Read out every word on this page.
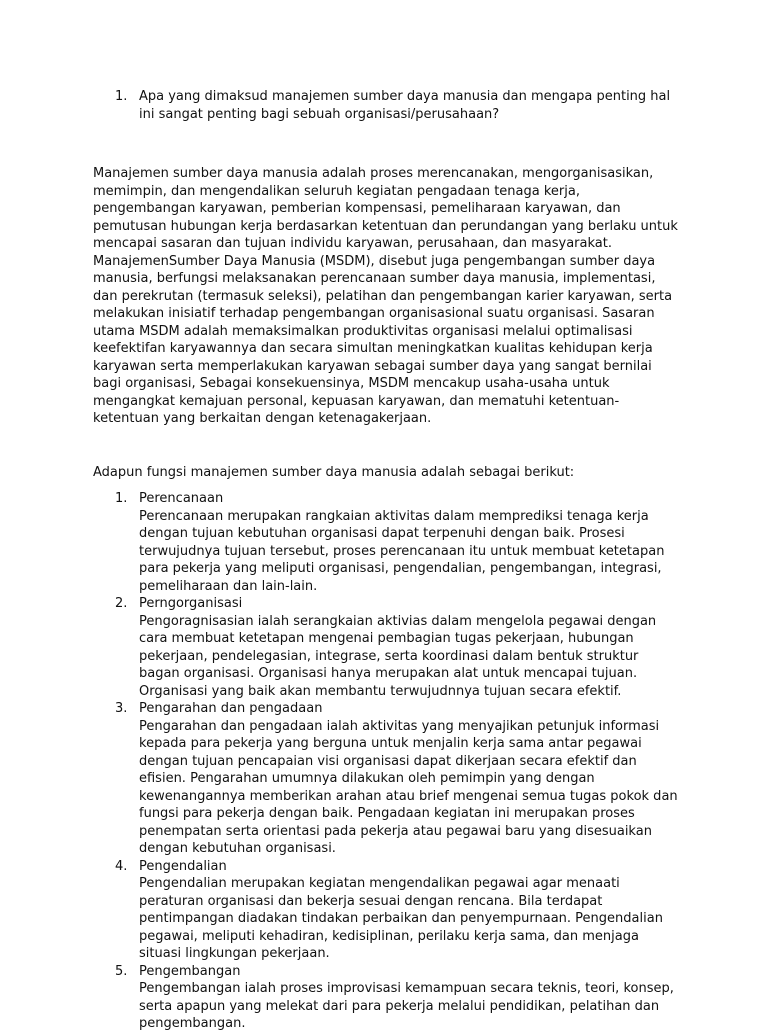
1. Apa yang dimaksud manajemen sumber daya manusia dan mengapa penting hal ini sangat penting bagi sebuah organisasi/perusahaan?

Manajemen sumber daya manusia adalah proses merencanakan, mengorganisasikan, memimpin, dan mengendalikan seluruh kegiatan pengadaan tenaga kerja, pengembangan karyawan, pemberian kompensasi, pemeliharaan karyawan, dan pemutusan hubungan kerja berdasarkan ketentuan dan perundangan yang berlaku untuk mencapai sasaran dan tujuan individu karyawan, perusahaan, dan masyarakat. ManajemenSumber Daya Manusia (MSDM), disebut juga pengembangan sumber daya manusia, berfungsi melaksanakan perencanaan sumber daya manusia, implementasi, dan perekrutan (termasuk seleksi), pelatihan dan pengembangan karier karyawan, serta melakukan inisiatif terhadap pengembangan organisasional suatu organisasi. Sasaran utama MSDM adalah memaksimalkan produktivitas organisasi melalui optimalisasi keefektifan karyawannya dan secara simultan meningkatkan kualitas kehidupan kerja karyawan serta memperlakukan karyawan sebagai sumber daya yang sangat bernilai bagi organisasi, Sebagai konsekuensinya, MSDM mencakup usaha-usaha untuk mengangkat kemajuan personal, kepuasan karyawan, dan mematuhi ketentuan-ketentuan yang berkaitan dengan ketenagakerjaan.

Adapun fungsi manajemen sumber daya manusia adalah sebagai berikut:

1. Perencanaan

Perencanaan merupakan rangkaian aktivitas dalam memprediksi tenaga kerja dengan tujuan kebutuhan organisasi dapat terpenuhi dengan baik. Prosesi terwujudnya tujuan tersebut, proses perencanaan itu untuk membuat ketetapan para pekerja yang meliputi organisasi, pengendalian, pengembangan, integrasi, pemeliharaan dan lain-lain.

2. Perngorganisasi

Pengoragnisasian ialah serangkaian aktivias dalam mengelola pegawai dengan cara membuat ketetapan mengenai pembagian tugas pekerjaan, hubungan pekerjaan, pendelegasian, integrase, serta koordinasi dalam bentuk struktur bagan organisasi. Organisasi hanya merupakan alat untuk mencapai tujuan. Organisasi yang baik akan membantu terwujudnnya tujuan secara efektif.

3. Pengarahan dan pengadaan

Pengarahan dan pengadaan ialah aktivitas yang menyajikan petunjuk informasi kepada para pekerja yang berguna untuk menjalin kerja sama antar pegawai dengan tujuan pencapaian visi organisasi dapat dikerjaan secara efektif dan efisien. Pengarahan umumnya dilakukan oleh pemimpin yang dengan kewenangannya memberikan arahan atau brief mengenai semua tugas pokok dan fungsi para pekerja dengan baik. Pengadaan kegiatan ini merupakan proses penempatan serta orientasi pada pekerja atau pegawai baru yang disesuaikan dengan kebutuhan organisasi.

4. Pengendalian

Pengendalian merupakan kegiatan mengendalikan pegawai agar menaati peraturan organisasi dan bekerja sesuai dengan rencana. Bila terdapat pentimpangan diadakan tindakan perbaikan dan penyempurnaan. Pengendalian pegawai, meliputi kehadiran, kedisiplinan, perilaku kerja sama, dan menjaga situasi lingkungan pekerjaan.

5. Pengembangan

Pengembangan ialah proses improvisasi kemampuan secara teknis, teori, konsep, serta apapun yang melekat dari para pekerja melalui pendidikan, pelatihan dan pengembangan.
